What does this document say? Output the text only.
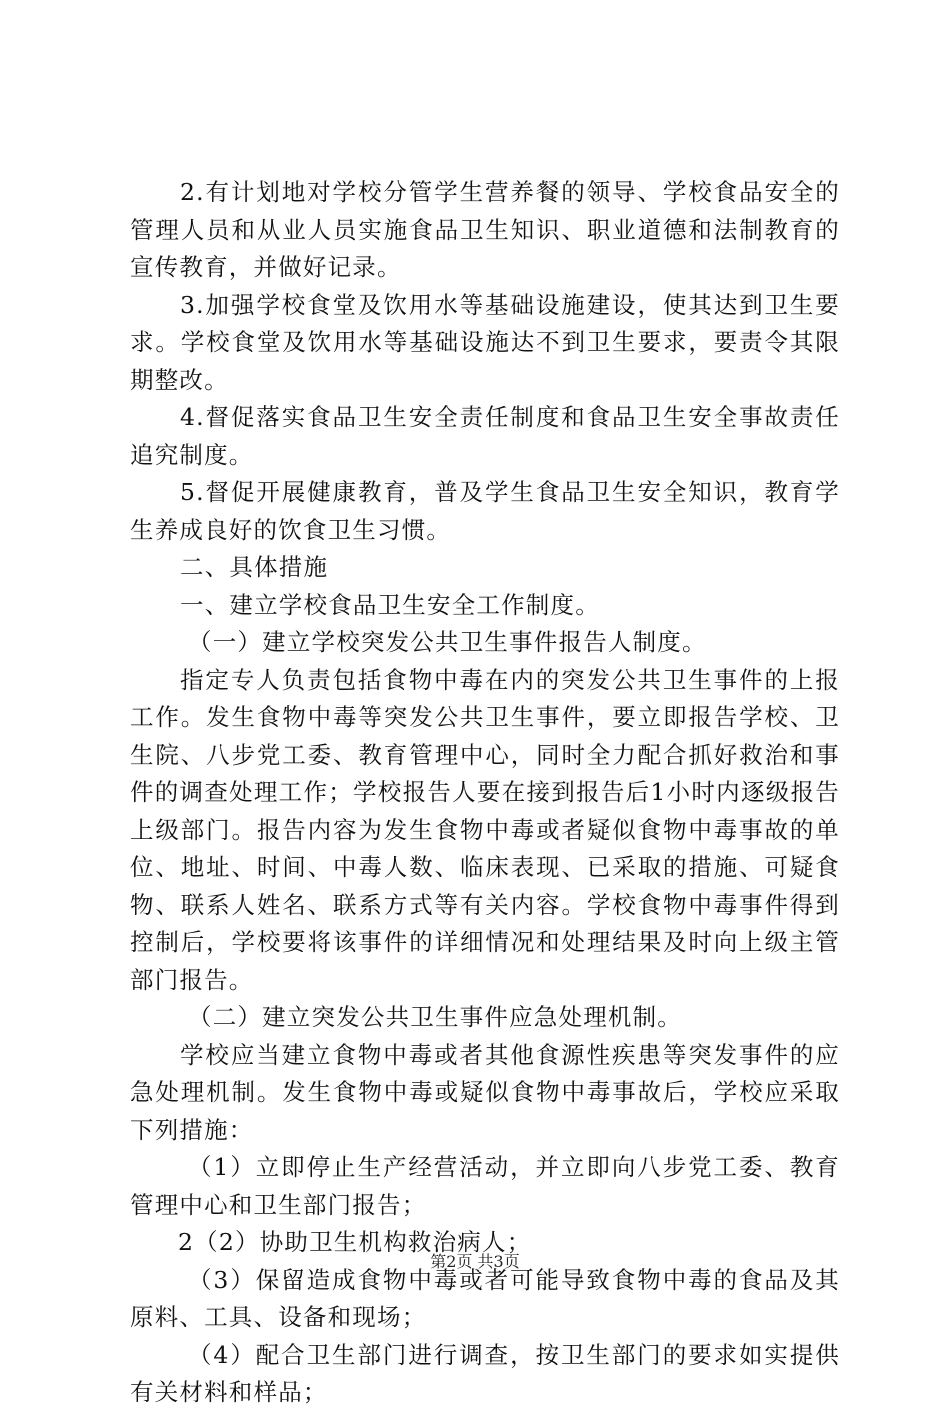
2.有计划地对学校分管学生营养餐的领导、学校食品安全的管理人员和从业人员实施食品卫生知识、职业道德和法制教育的宣传教育，并做好记录。

3.加强学校食堂及饮用水等基础设施建设，使其达到卫生要求。学校食堂及饮用水等基础设施达不到卫生要求，要责令其限期整改。

4.督促落实食品卫生安全责任制度和食品卫生安全事故责任追究制度。

5.督促开展健康教育，普及学生食品卫生安全知识，教育学生养成良好的饮食卫生习惯。

二、具体措施

一、建立学校食品卫生安全工作制度。

（一）建立学校突发公共卫生事件报告人制度。

指定专人负责包括食物中毒在内的突发公共卫生事件的上报工作。发生食物中毒等突发公共卫生事件，要立即报告学校、卫生院、八步党工委、教育管理中心，同时全力配合抓好救治和事件的调查处理工作；学校报告人要在接到报告后1小时内逐级报告上级部门。报告内容为发生食物中毒或者疑似食物中毒事故的单位、地址、时间、中毒人数、临床表现、已采取的措施、可疑食物、联系人姓名、联系方式等有关内容。学校食物中毒事件得到控制后，学校要将该事件的详细情况和处理结果及时向上级主管部门报告。

（二）建立突发公共卫生事件应急处理机制。

学校应当建立食物中毒或者其他食源性疾患等突发事件的应急处理机制。发生食物中毒或疑似食物中毒事故后，学校应采取下列措施：

（1）立即停止生产经营活动，并立即向八步党工委、教育管理中心和卫生部门报告；

2（2）协助卫生机构救治病人；

（3）保留造成食物中毒或者可能导致食物中毒的食品及其原料、工具、设备和现场；

（4）配合卫生部门进行调查，按卫生部门的要求如实提供有关材料和样品；

第2页 共3页
